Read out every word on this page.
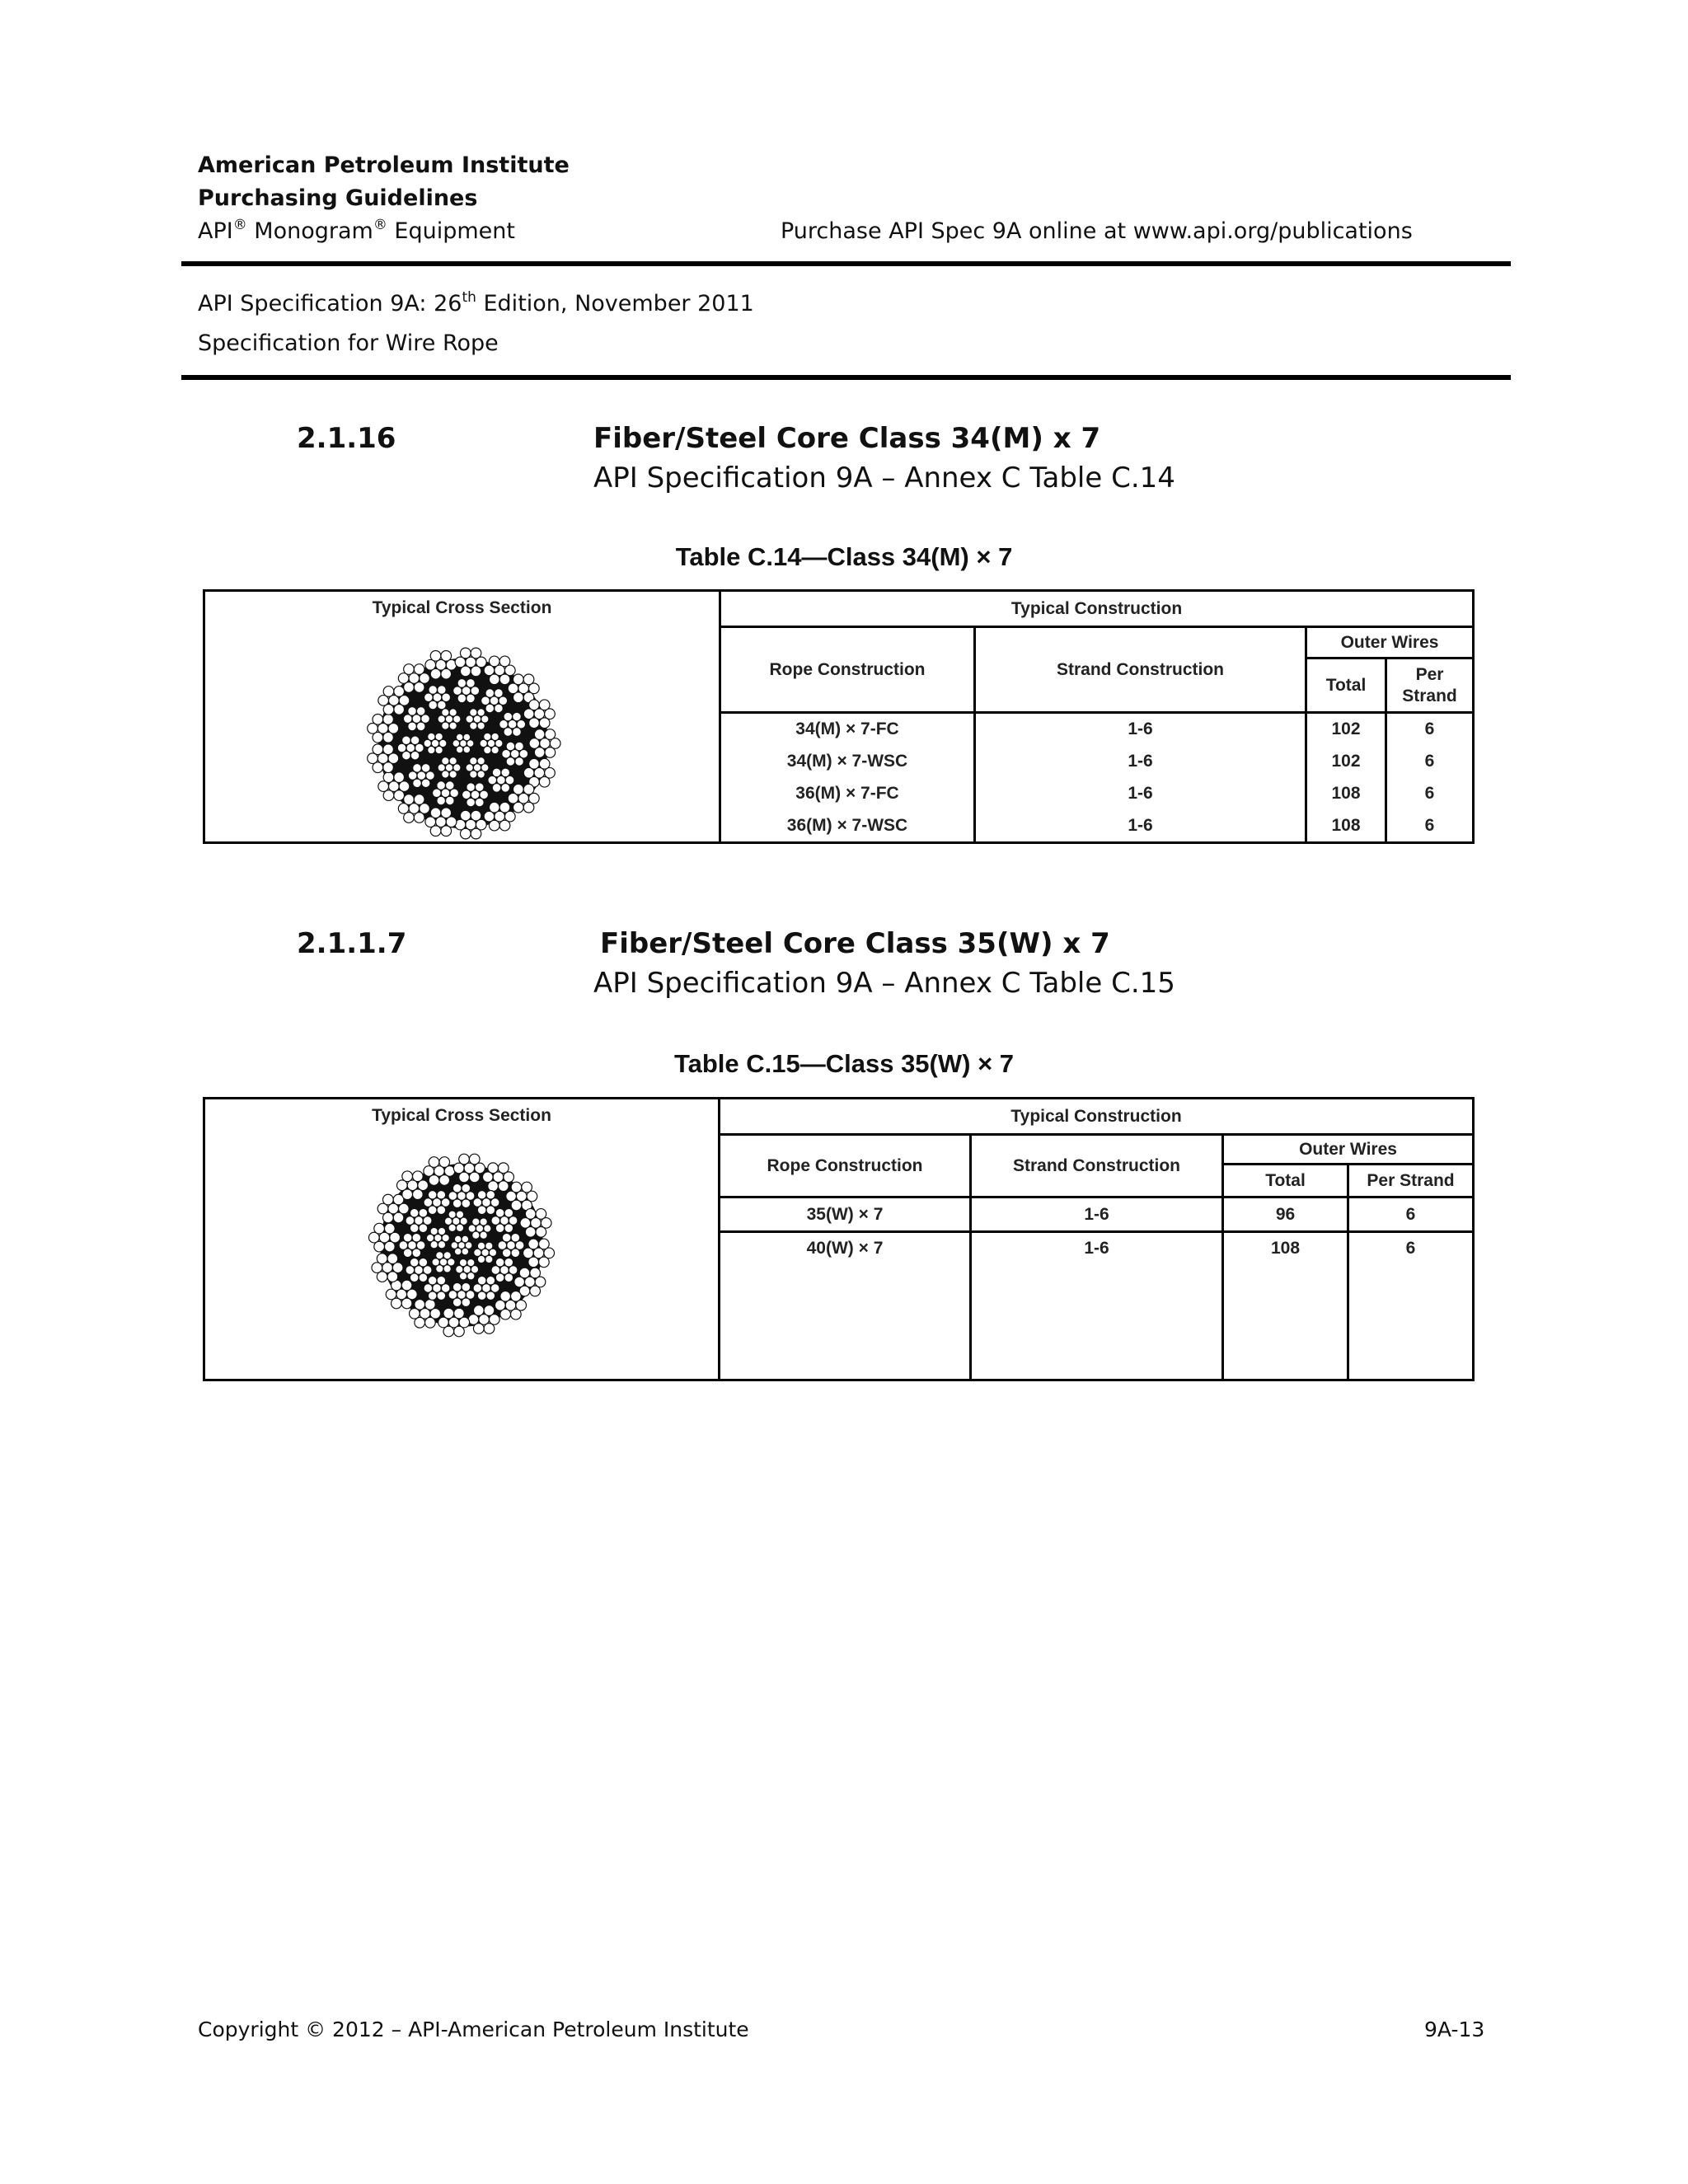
American Petroleum Institute
Purchasing Guidelines
API® Monogram® Equipment	Purchase API Spec 9A online at www.api.org/publications
API Specification 9A: 26th Edition, November 2011
Specification for Wire Rope
2.1.16	Fiber/Steel Core Class 34(M) x 7
API Specification 9A – Annex C Table C.14
Table C.14—Class 34(M) × 7
Typical Cross Section	Typical Construction			
	Rope Construction	Strand Construction	Outer Wires	
			Total	Per Strand
	34(M) × 7-FC	1-6	102	6
	34(M) × 7-WSC	1-6	102	6
	36(M) × 7-FC	1-6	108	6
	36(M) × 7-WSC	1-6	108	6
2.1.1.7	Fiber/Steel Core Class 35(W) x 7
API Specification 9A – Annex C Table C.15
Table C.15—Class 35(W) × 7
Typical Cross Section	Typical Construction			
	Rope Construction	Strand Construction	Outer Wires	
			Total	Per Strand
	35(W) × 7	1-6	96	6
	40(W) × 7	1-6	108	6

Copyright © 2012 – API-American Petroleum Institute	9A-13
